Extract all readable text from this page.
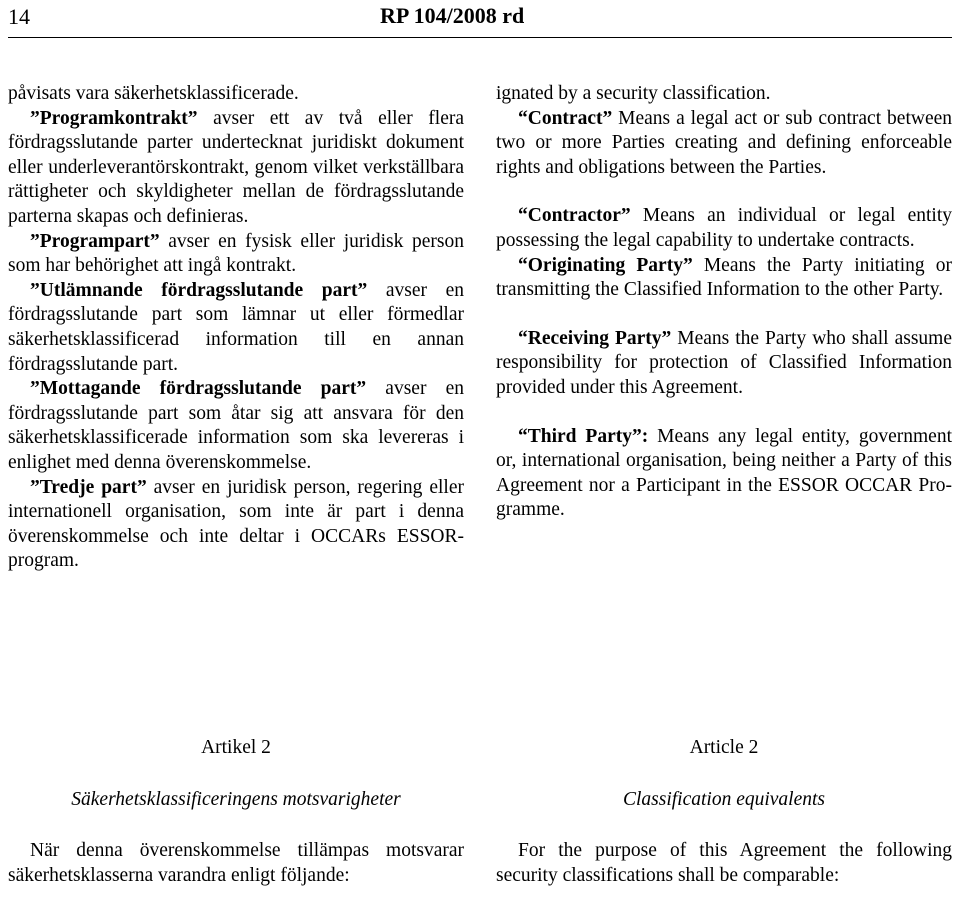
14	RP 104/2008 rd

påvisats vara säkerhetsklassificerade.

”Programkontrakt” avser ett av två eller flera fördragsslutande parter undertecknat juridiskt dokument eller underleverantörskontrakt, genom vilket verkställbara rättigheter och skyldigheter mellan de fördragsslutande parterna skapas och definieras.

”Programpart” avser en fysisk eller juridisk person som har behörighet att ingå kontrakt.

”Utlämnande fördragsslutande part” avser en fördragsslutande part som lämnar ut eller förmedlar säkerhetsklassificerad information till en annan fördragsslutande part.

”Mottagande fördragsslutande part” avser en fördragsslutande part som åtar sig att ansvara för den säkerhetsklassificerade information som ska levereras i enlighet med denna överenskommelse.

”Tredje part” avser en juridisk person, regering eller internationell organisation, som inte är part i denna överenskommelse och inte deltar i OCCARs ESSOR-program.

ignated by a security classification.

“Contract” Means a legal act or sub contract between two or more Parties creating and defining enforceable rights and obligations between the Parties.

“Contractor” Means an individual or legal entity possessing the legal capability to undertake contracts.

“Originating Party” Means the Party initiating or transmitting the Classified Information to the other Party.

“Receiving Party” Means the Party who shall assume responsibility for protection of Classified Information provided under this Agreement.

“Third Party”: Means any legal entity, government or, international organisation, being neither a Party of this Agreement nor a Participant in the ESSOR OCCAR Programme.

Artikel 2

Säkerhetsklassificeringens motsvarigheter

När denna överenskommelse tillämpas motsvarar säkerhetsklasserna varandra enligt följande:

Article 2

Classification equivalents

For the purpose of this Agreement the following security classifications shall be comparable:
